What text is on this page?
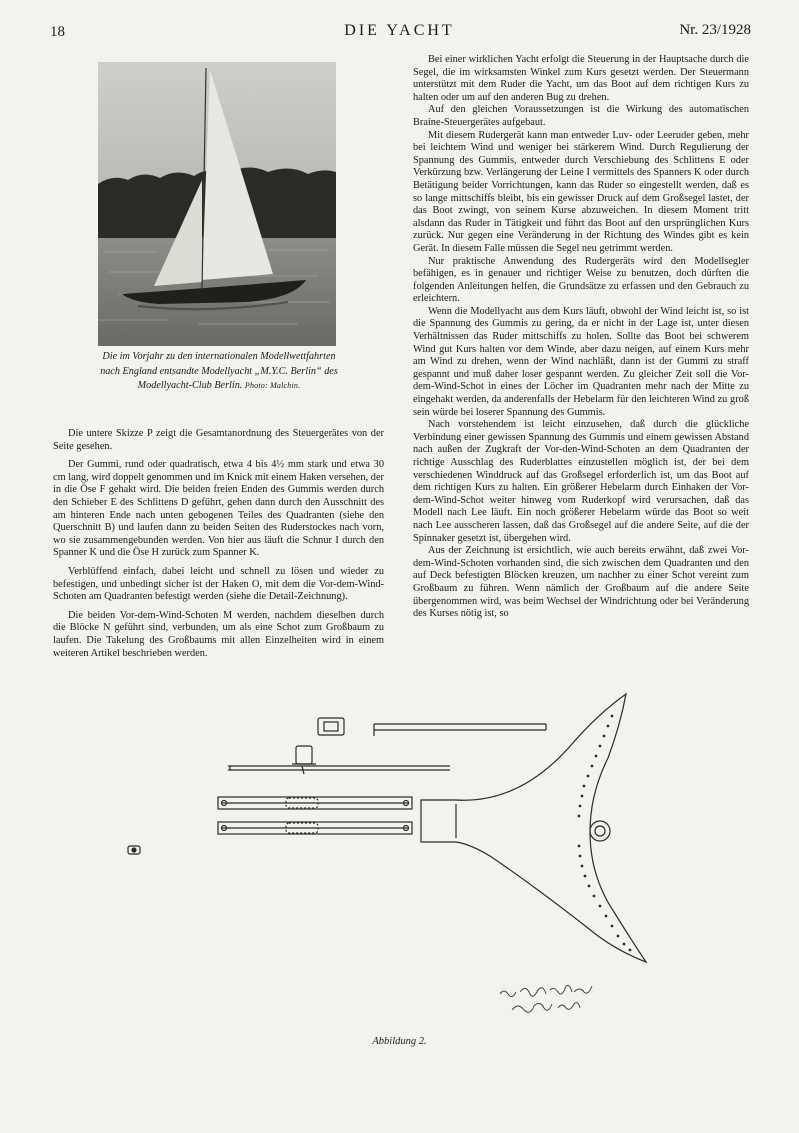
18	DIE YACHT	Nr. 23/1928
Die im Vorjahr zu den internationalen Modellwettfahrten nach England entsandte Modellyacht „M.Y.C. Berlin“ des Modellyacht-Club Berlin. Photo: Malchin.

Die untere Skizze P zeigt die Gesamtanordnung des Steuergerätes von der Seite gesehen.

Der Gummi, rund oder quadratisch, etwa 4 bis 4½ mm stark und etwa 30 cm lang, wird doppelt genommen und im Knick mit einem Haken versehen, der in die Öse F gehakt wird. Die beiden freien Enden des Gummis werden durch den Schieber E des Schlittens D geführt, gehen dann durch den Ausschnitt des am hinteren Ende nach unten gebogenen Teiles des Quadranten (siehe den Querschnitt B) und laufen dann zu beiden Seiten des Ruderstockes nach vorn, wo sie zusammengebunden werden. Von hier aus läuft die Schnur I durch den Spanner K und die Öse H zurück zum Spanner K.

Verblüffend einfach, dabei leicht und schnell zu lösen und wieder zu befestigen, und unbedingt sicher ist der Haken O, mit dem die Vor-dem-Wind-Schoten am Quadranten befestigt werden (siehe die Detail-Zeichnung).

Die beiden Vor-dem-Wind-Schoten M werden, nachdem dieselben durch die Blöcke N geführt sind, verbunden, um als eine Schot zum Großbaum zu laufen. Die Takelung des Großbaums mit allen Einzelheiten wird in einem weiteren Artikel beschrieben werden.

Bei einer wirklichen Yacht erfolgt die Steuerung in der Hauptsache durch die Segel, die im wirksamsten Winkel zum Kurs gesetzt werden. Der Steuermann unterstützt mit dem Ruder die Yacht, um das Boot auf dem richtigen Kurs zu halten oder um auf den anderen Bug zu drehen.

Auf den gleichen Voraussetzungen ist die Wirkung des automatischen Braine-Steuergerätes aufgebaut.

Mit diesem Rudergerät kann man entweder Luv- oder Leeruder geben, mehr bei leichtem Wind und weniger bei stärkerem Wind. Durch Regulierung der Spannung des Gummis, entweder durch Verschiebung des Schlittens E oder Verkürzung bzw. Verlängerung der Leine I vermittels des Spanners K oder durch Betätigung beider Vorrichtungen, kann das Ruder so eingestellt werden, daß es so lange mittschiffs bleibt, bis ein gewisser Druck auf dem Großsegel lastet, der das Boot zwingt, von seinem Kurse abzuweichen. In diesem Moment tritt alsdann das Ruder in Tätigkeit und führt das Boot auf den ursprünglichen Kurs zurück. Nur gegen eine Veränderung in der Richtung des Windes gibt es kein Gerät. In diesem Falle müssen die Segel neu getrimmt werden.

Nur praktische Anwendung des Rudergeräts wird den Modellsegler befähigen, es in genauer und richtiger Weise zu benutzen, doch dürften die folgenden Anleitungen helfen, die Grundsätze zu erfassen und den Gebrauch zu erleichtern.

Wenn die Modellyacht aus dem Kurs läuft, obwohl der Wind leicht ist, so ist die Spannung des Gummis zu gering, da er nicht in der Lage ist, unter diesen Verhältnissen das Ruder mittschiffs zu holen. Sollte das Boot bei schwerem Wind gut Kurs halten vor dem Winde, aber dazu neigen, auf einem Kurs mehr am Wind zu drehen, wenn der Wind nachläßt, dann ist der Gummi zu straff gespannt und muß daher loser gespannt werden. Zu gleicher Zeit soll die Vor-dem-Wind-Schot in eines der Löcher im Quadranten mehr nach der Mitte zu eingehakt werden, da anderenfalls der Hebelarm für den leichteren Wind zu groß sein würde bei loserer Spannung des Gummis.

Nach vorstehendem ist leicht einzusehen, daß durch die glückliche Verbindung einer gewissen Spannung des Gummis und einem gewissen Abstand nach außen der Zugkraft der Vor-den-Wind-Schoten an dem Quadranten der richtige Ausschlag des Ruderblattes einzustellen möglich ist, der bei dem verschiedenen Winddruck auf das Großsegel erforderlich ist, um das Boot auf dem richtigen Kurs zu halten. Ein größerer Hebelarm durch Einhaken der Vor-dem-Wind-Schot weiter hinweg vom Ruderkopf wird verursachen, daß das Modell nach Lee läuft. Ein noch größerer Hebelarm würde das Boot so weit nach Lee ausscheren lassen, daß das Großsegel auf die andere Seite, auf die der Spinnaker gesetzt ist, übergehen wird.

Aus der Zeichnung ist ersichtlich, wie auch bereits erwähnt, daß zwei Vor-dem-Wind-Schoten vorhanden sind, die sich zwischen dem Quadranten und den auf Deck befestigten Blöcken kreuzen, um nachher zu einer Schot vereint zum Großbaum zu führen. Wenn nämlich der Großbaum auf die andere Seite übergenommen wird, was beim Wechsel der Windrichtung oder bei Veränderung des Kurses nötig ist, so

Abbildung 2.
